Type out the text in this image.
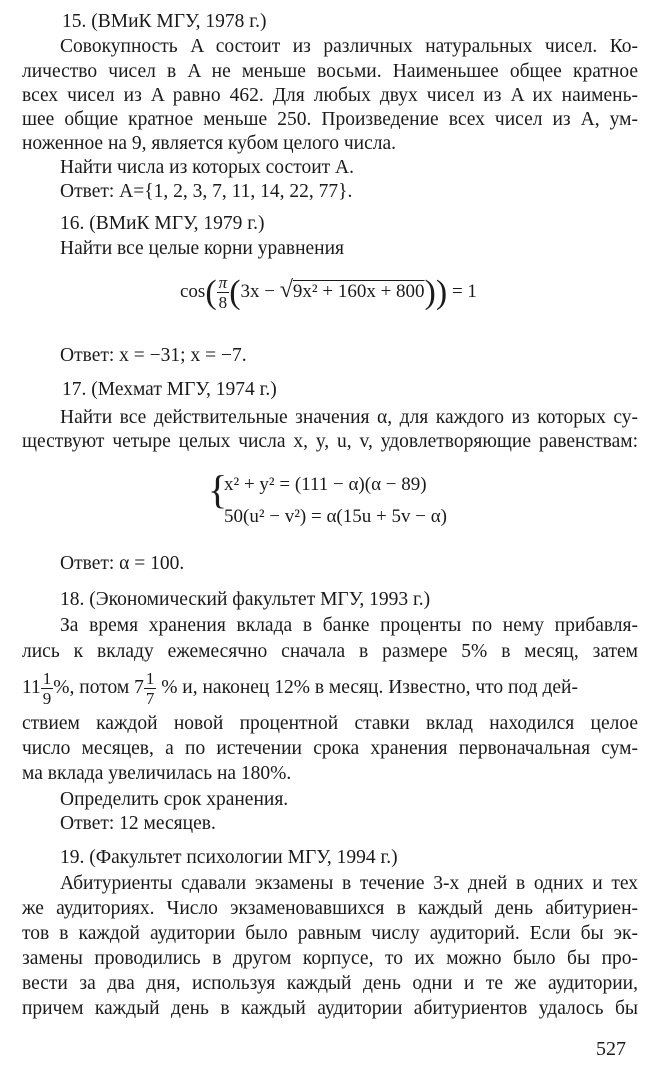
15. (ВМиК МГУ, 1978 г.)
Совокупность A состоит из различных натуральных чисел. Ко-
личество чисел в A не меньше восьми. Наименьшее общее кратное
всех чисел из A равно 462. Для любых двух чисел из A их наимень-
шее общие кратное меньше 250. Произведение всех чисел из A, ум-
ноженное на 9, является кубом целого числа.
Найти числа из которых состоит A.
Ответ: A={1, 2, 3, 7, 11, 14, 22, 77}.
16. (ВМиК МГУ, 1979 г.)
Найти все целые корни уравнения
$\cos( \frac{\pi}{8} (3x - √9x^2 + 160x + 800)) = 1$
Ответ: x = −31; x = −7.
17. (Мехмат МГУ, 1974 г.)
Найти все действительные значения α, для каждого из которых су-
ществуют четыре целых числа x, y, u, v, удовлетворяющие равенствам:
{
x² + y² = (111 − α)(α − 89)
50(u² − v²) = α(15u + 5v − α)
Ответ: α = 100.
18. (Экономический факультет МГУ, 1993 г.)
За время хранения вклада в банке проценты по нему прибавля-
лись к вкладу ежемесячно сначала в размере 5% в месяц, затем
$11 \frac{1}{9}$ %, потом $7 \frac{1}{7}$ % и, наконец 12% в месяц. Известно, что под дей-
ствием каждой новой процентной ставки вклад находился целое
число месяцев, а по истечении срока хранения первоначальная сум-
ма вклада увеличилась на 180%.
Определить срок хранения.
Ответ: 12 месяцев.
19. (Факультет психологии МГУ, 1994 г.)
Абитуриенты сдавали экзамены в течение 3-х дней в одних и тех
же аудиториях. Число экзаменовавшихся в каждый день абитуриен-
тов в каждой аудитории было равным числу аудиторий. Если бы эк-
замены проводились в другом корпусе, то их можно было бы про-
вести за два дня, используя каждый день одни и те же аудитории,
причем каждый день в каждый аудитории абитуриентов удалось бы
527
